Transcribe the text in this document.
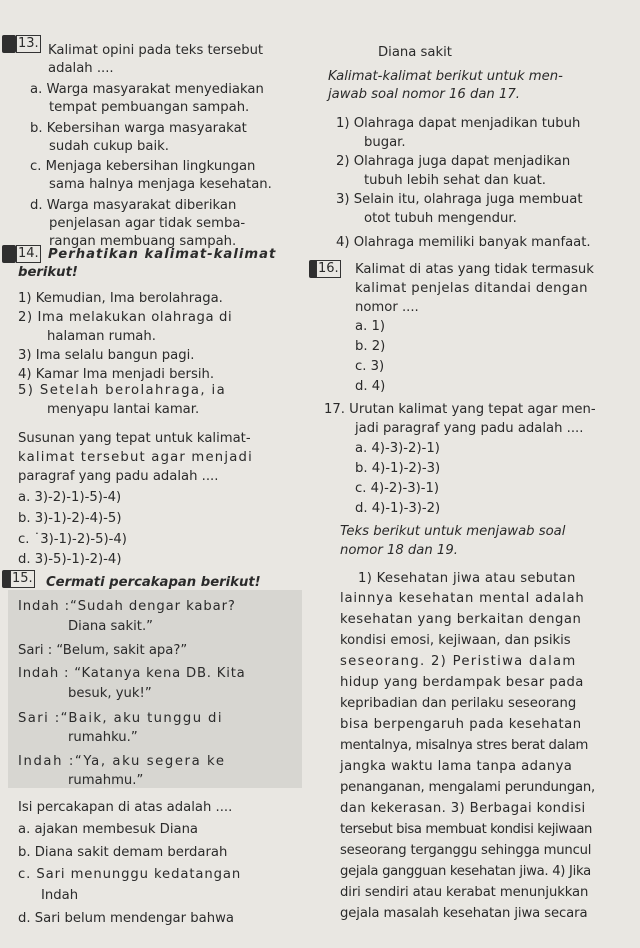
13. Kalimat opini pada teks tersebut
adalah ....
a. Warga masyarakat menyediakan
tempat pembuangan sampah.
b. Kebersihan warga masyarakat
sudah cukup baik.
c. Menjaga kebersihan lingkungan
sama halnya menjaga kesehatan.
d. Warga masyarakat diberikan
penjelasan agar tidak semba-
rangan membuang sampah.
14. Perhatikan kalimat-kalimat
berikut!
1) Kemudian, Ima berolahraga.
2) Ima melakukan olahraga di
halaman rumah.
3) Ima selalu bangun pagi.
4) Kamar Ima menjadi bersih.
5) Setelah berolahraga, ia
menyapu lantai kamar.
Susunan yang tepat untuk kalimat-
kalimat tersebut agar menjadi
paragraf yang padu adalah ....
a. 3)-2)-1)-5)-4)
b. 3)-1)-2)-4)-5)
c. ˙3)-1)-2)-5)-4)
d. 3)-5)-1)-2)-4)
15. Cermati percakapan berikut!
Indah :“Sudah dengar kabar?
Diana sakit.”
Sari : “Belum, sakit apa?”
Indah : “Katanya kena DB. Kita
besuk, yuk!”
Sari :“Baik, aku tunggu di
rumahku.”
Indah :“Ya, aku segera ke
rumahmu.”
Isi percakapan di atas adalah ....
a. ajakan membesuk Diana
b. Diana sakit demam berdarah
c. Sari menunggu kedatangan
Indah
d. Sari belum mendengar bahwa
Diana sakit
Kalimat-kalimat berikut untuk men-
jawab soal nomor 16 dan 17.
1) Olahraga dapat menjadikan tubuh
bugar.
2) Olahraga juga dapat menjadikan
tubuh lebih sehat dan kuat.
3) Selain itu, olahraga juga membuat
otot tubuh mengendur.
4) Olahraga memiliki banyak manfaat.
16. Kalimat di atas yang tidak termasuk
kalimat penjelas ditandai dengan
nomor ....
a. 1)
b. 2)
c. 3)
d. 4)
17. Urutan kalimat yang tepat agar men-
jadi paragraf yang padu adalah ....
a. 4)-3)-2)-1)
b. 4)-1)-2)-3)
c. 4)-2)-3)-1)
d. 4)-1)-3)-2)
Teks berikut untuk menjawab soal
nomor 18 dan 19.
1) Kesehatan jiwa atau sebutan
lainnya kesehatan mental adalah
kesehatan yang berkaitan dengan
kondisi emosi, kejiwaan, dan psikis
seseorang. 2) Peristiwa dalam
hidup yang berdampak besar pada
kepribadian dan perilaku seseorang
bisa berpengaruh pada kesehatan
mentalnya, misalnya stres berat dalam
jangka waktu lama tanpa adanya
penanganan, mengalami perundungan,
dan kekerasan. 3) Berbagai kondisi
tersebut bisa membuat kondisi kejiwaan
seseorang terganggu sehingga muncul
gejala gangguan kesehatan jiwa. 4) Jika
diri sendiri atau kerabat menunjukkan
gejala masalah kesehatan jiwa secara
